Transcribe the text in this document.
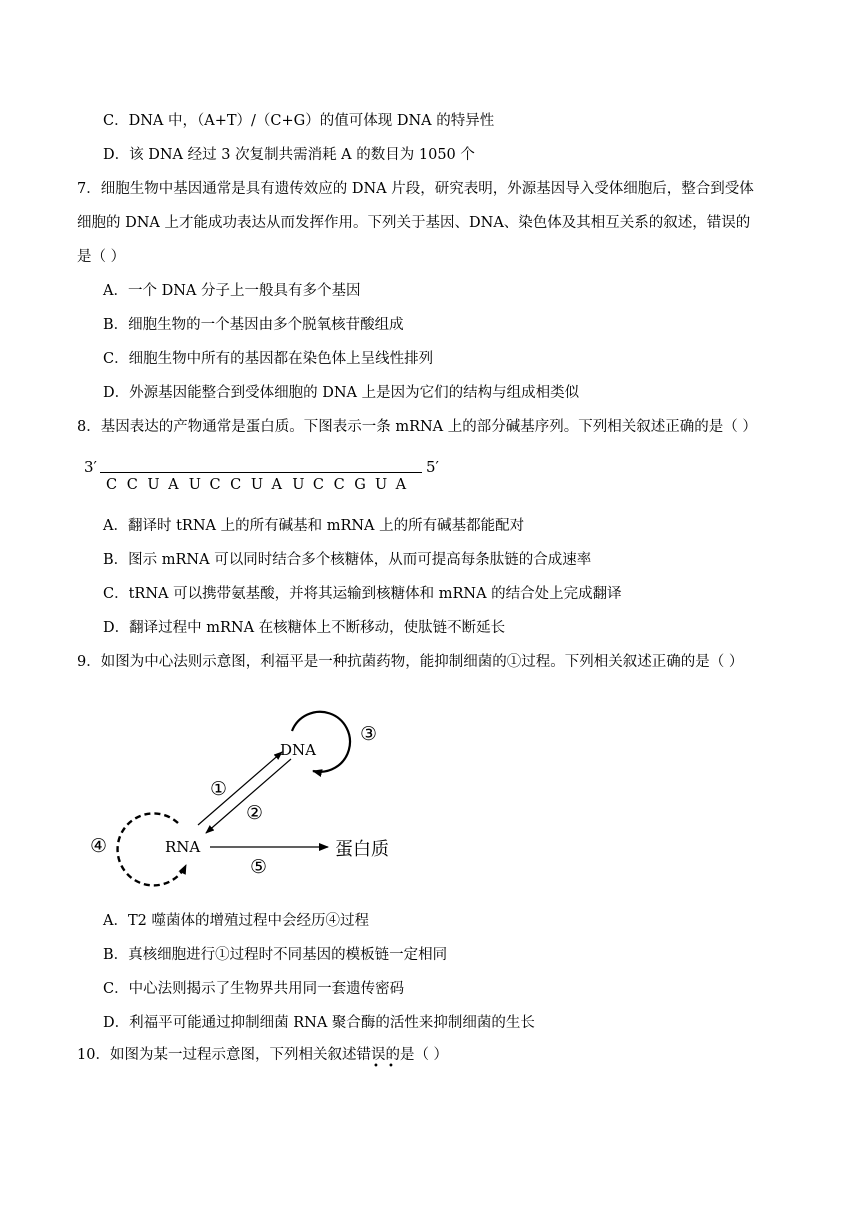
C．DNA 中，（A+T）/（C+G）的值可体现 DNA 的特异性
D．该 DNA 经过 3 次复制共需消耗 A 的数目为 1050 个
7．细胞生物中基因通常是具有遗传效应的 DNA 片段，研究表明，外源基因导入受体细胞后，整合到受体
细胞的 DNA 上才能成功表达从而发挥作用。下列关于基因、DNA、染色体及其相互关系的叙述，错误的
是（ ）
A．一个 DNA 分子上一般具有多个基因
B．细胞生物的一个基因由多个脱氧核苷酸组成
C．细胞生物中所有的基因都在染色体上呈线性排列
D．外源基因能整合到受体细胞的 DNA 上是因为它们的结构与组成相类似
8．基因表达的产物通常是蛋白质。下图表示一条 mRNA 上的部分碱基序列。下列相关叙述正确的是（ ）
3′	5′
C C U A U C C U A U C C G U A
A．翻译时 tRNA 上的所有碱基和 mRNA 上的所有碱基都能配对
B．图示 mRNA 可以同时结合多个核糖体，从而可提高每条肽链的合成速率
C．tRNA 可以携带氨基酸，并将其运输到核糖体和 mRNA 的结合处上完成翻译
D．翻译过程中 mRNA 在核糖体上不断移动，使肽链不断延长
9．如图为中心法则示意图，利福平是一种抗菌药物，能抑制细菌的①过程。下列相关叙述正确的是（ ）
DNA
RNA	蛋白质
①
②
③
④
⑤
A．T2 噬菌体的增殖过程中会经历④过程
B．真核细胞进行①过程时不同基因的模板链一定相同
C．中心法则揭示了生物界共用同一套遗传密码
D．利福平可能通过抑制细菌 RNA 聚合酶的活性来抑制细菌的生长
10．如图为某一过程示意图，下列相关叙述错误的是（ ）
• •
